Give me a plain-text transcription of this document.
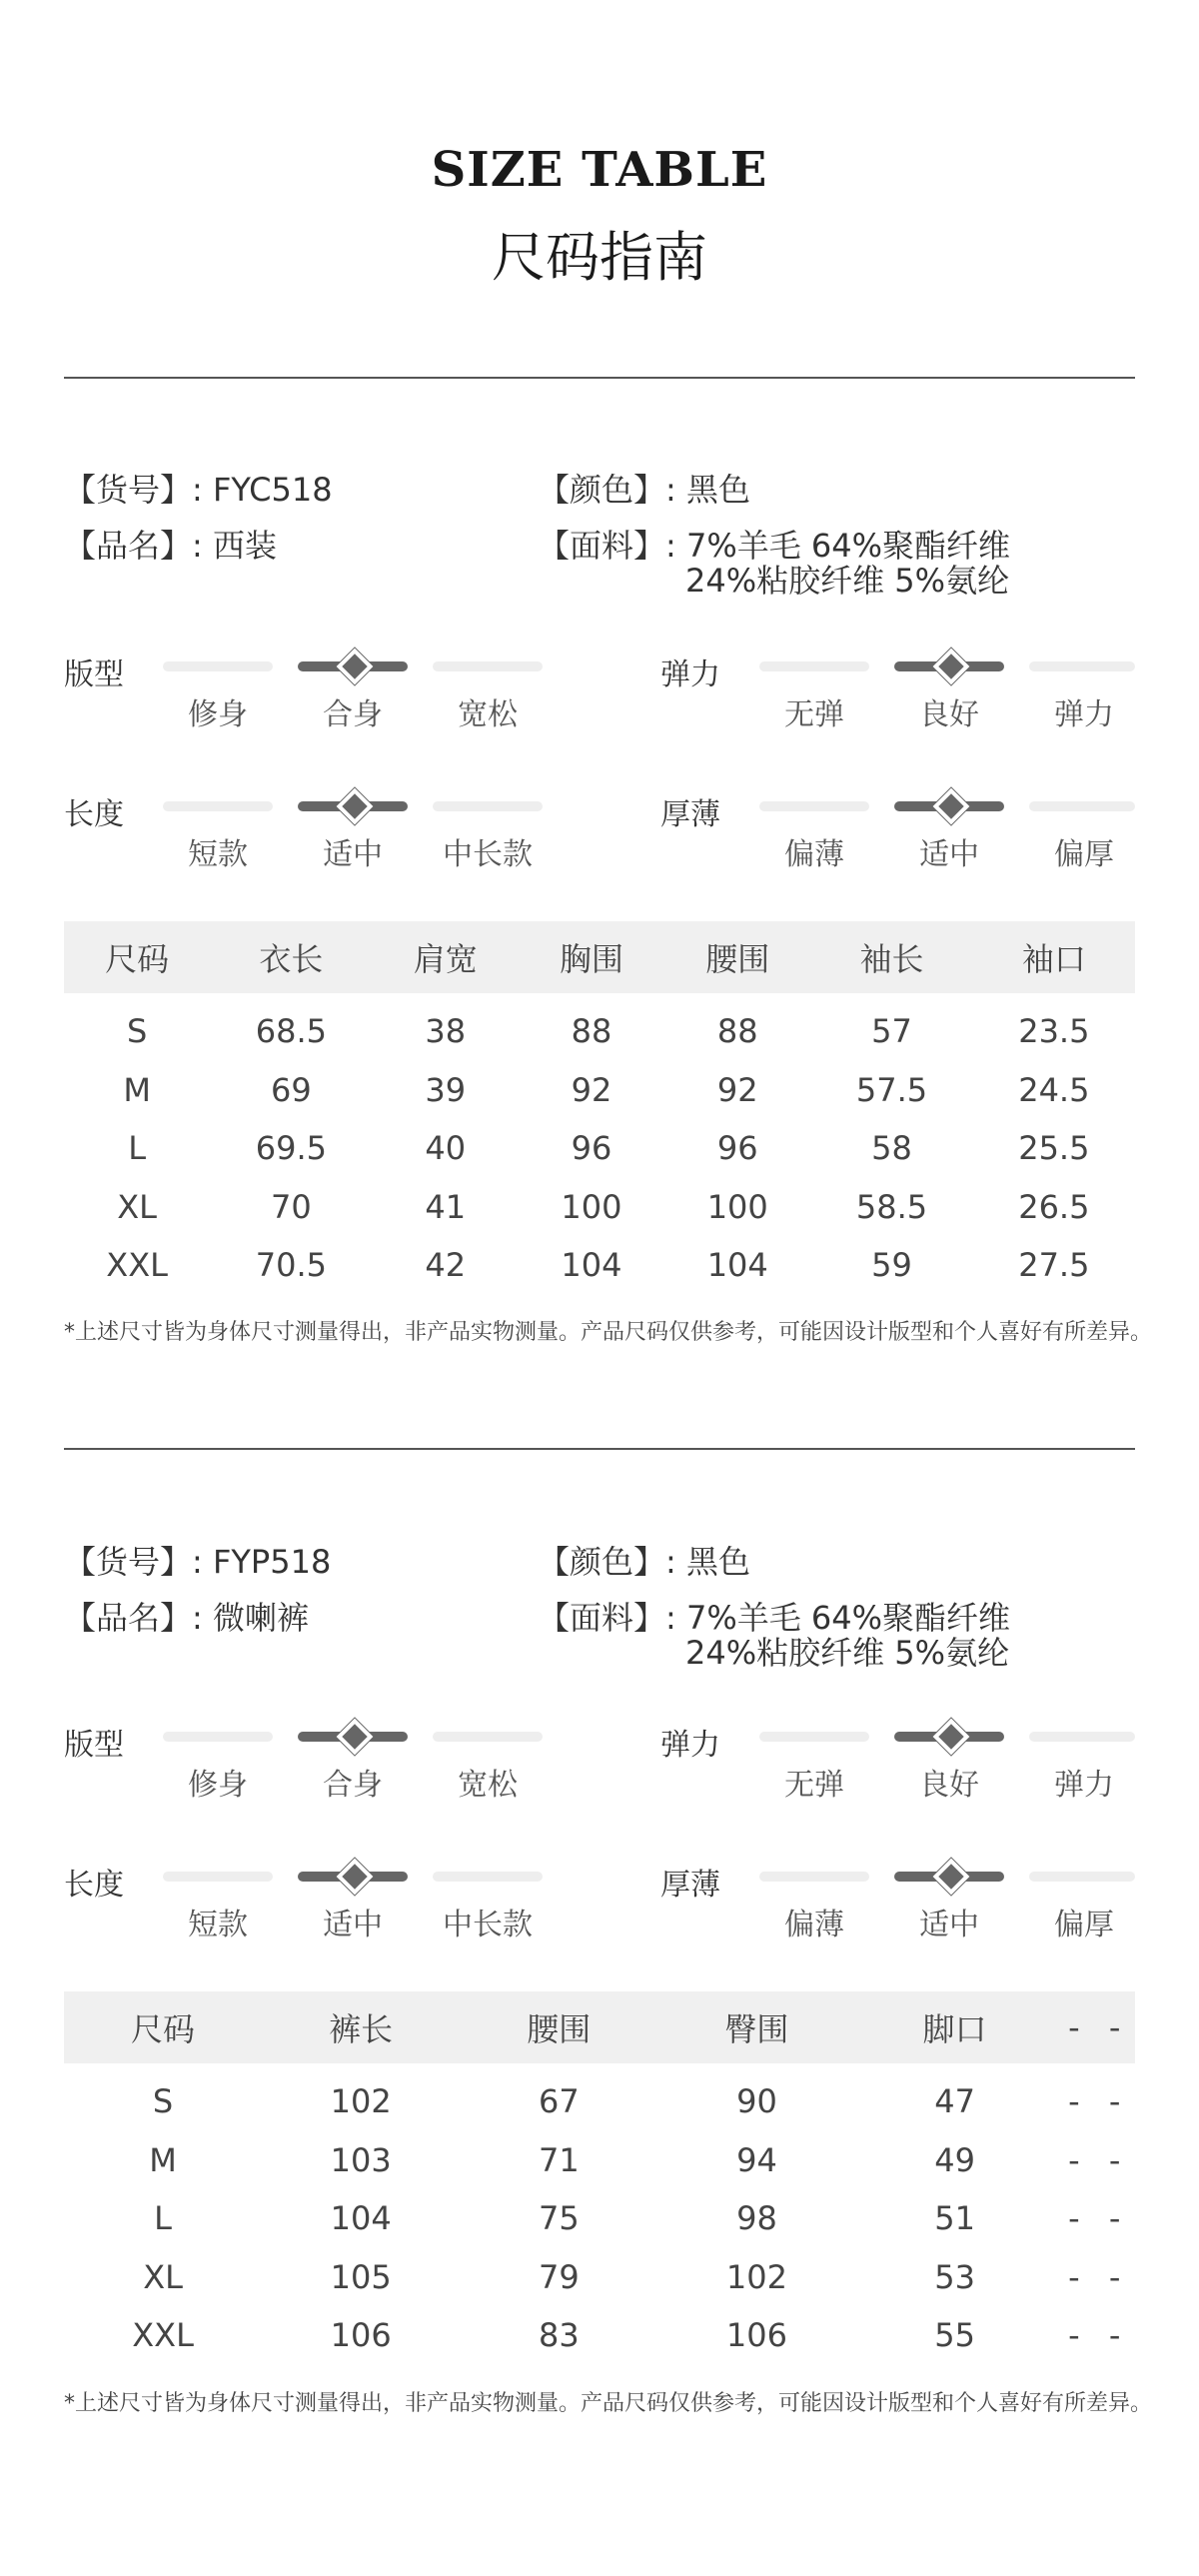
SIZE TABLE
尺码指南
【货号】: FYC518
【品名】: 西装
【颜色】: 黑色
【面料】: 7%羊毛 64%聚酯纤维
24%粘胶纤维 5%氨纶
版型
修身	合身	宽松
弹力
无弹	良好	弹力
长度
短款	适中	中长款
厚薄
偏薄	适中	偏厚
尺码	衣长	肩宽	胸围	腰围	袖长	袖口
S	68.5	38	88	88	57	23.5
M	69	39	92	92	57.5	24.5
L	69.5	40	96	96	58	25.5
XL	70	41	100	100	58.5	26.5
XXL	70.5	42	104	104	59	27.5
*上述尺寸皆为身体尺寸测量得出，非产品实物测量。产品尺码仅供参考，可能因设计版型和个人喜好有所差异。
【货号】: FYP518
【品名】: 微喇裤
【颜色】: 黑色
【面料】: 7%羊毛 64%聚酯纤维
24%粘胶纤维 5%氨纶
版型
修身	合身	宽松
弹力
无弹	良好	弹力
长度
短款	适中	中长款
厚薄
偏薄	适中	偏厚
尺码	裤长	腰围	臀围	脚口	-	-
S	102	67	90	47	-	-
M	103	71	94	49	-	-
L	104	75	98	51	-	-
XL	105	79	102	53	-	-
XXL	106	83	106	55	-	-
*上述尺寸皆为身体尺寸测量得出，非产品实物测量。产品尺码仅供参考，可能因设计版型和个人喜好有所差异。
